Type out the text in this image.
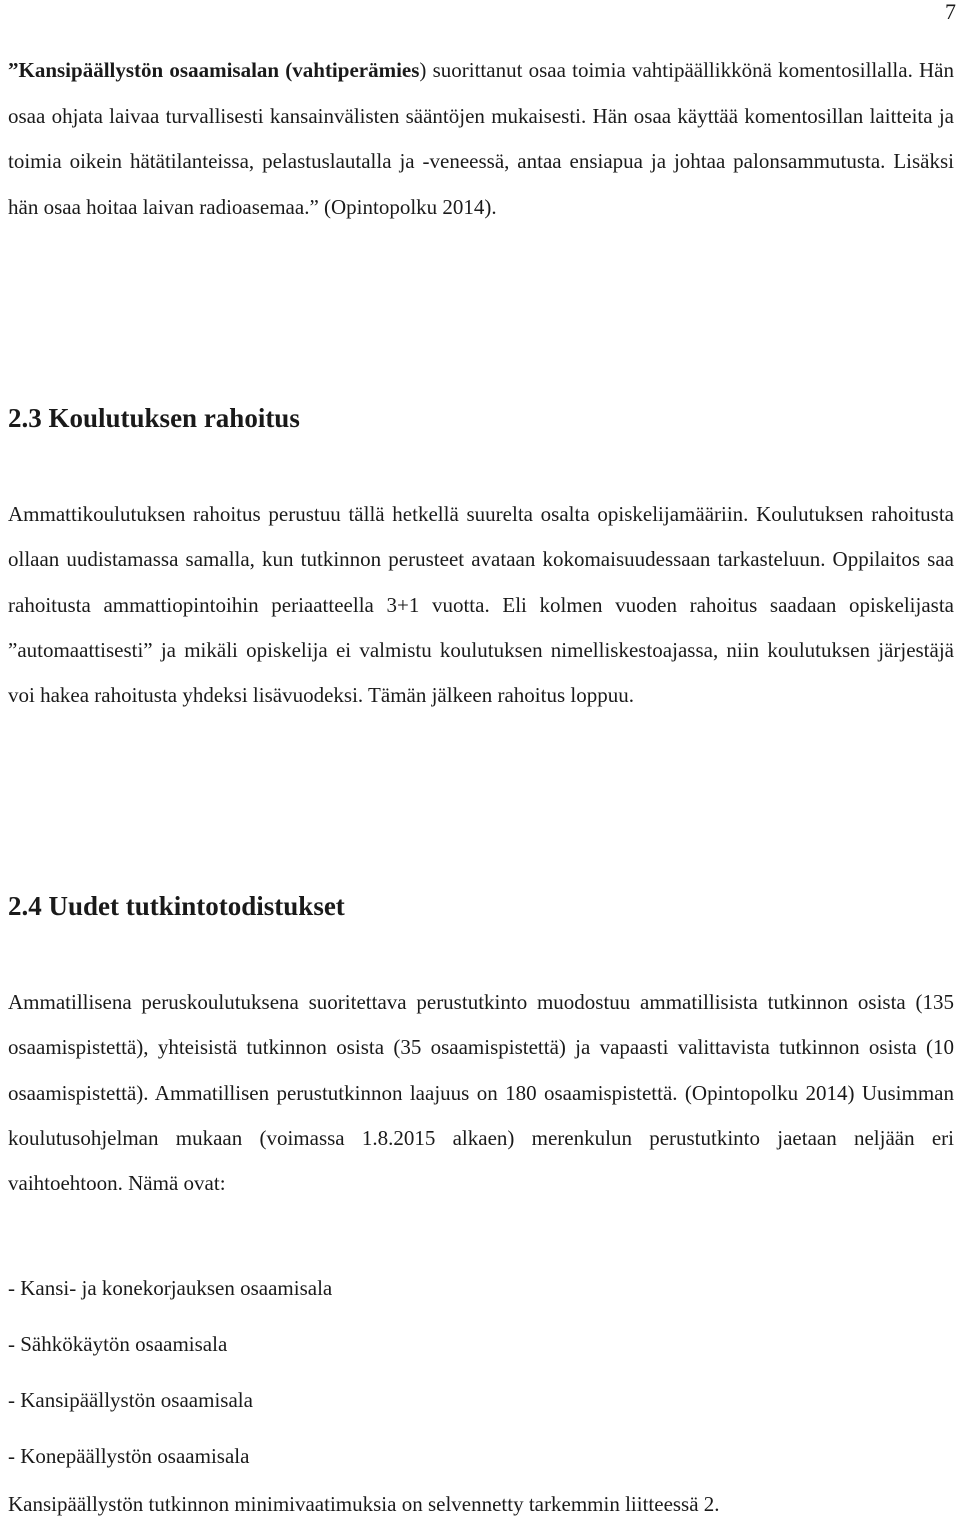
7

”Kansipäällystön osaamisalan (vahtiperämies) suorittanut osaa toimia vahtipäällikkönä komentosillalla. Hän osaa ohjata laivaa turvallisesti kansainvälisten sääntöjen mukaisesti. Hän osaa käyttää komentosillan laitteita ja toimia oikein hätätilanteissa, pelastuslautalla ja -veneessä, antaa ensiapua ja johtaa palonsammutusta. Lisäksi hän osaa hoitaa laivan radioasemaa.” (Opintopolku 2014).

2.3 Koulutuksen rahoitus

Ammattikoulutuksen rahoitus perustuu tällä hetkellä suurelta osalta opiskelijamääriin. Koulutuksen rahoitusta ollaan uudistamassa samalla, kun tutkinnon perusteet avataan kokomaisuudessaan tarkasteluun. Oppilaitos saa rahoitusta ammattiopintoihin periaatteella 3+1 vuotta. Eli kolmen vuoden rahoitus saadaan opiskelijasta ”automaattisesti” ja mikäli opiskelija ei valmistu koulutuksen nimelliskestoajassa, niin koulutuksen järjestäjä voi hakea rahoitusta yhdeksi lisävuodeksi. Tämän jälkeen rahoitus loppuu.

2.4 Uudet tutkintotodistukset

Ammatillisena peruskoulutuksena suoritettava perustutkinto muodostuu ammatillisista tutkinnon osista (135 osaamispistettä), yhteisistä tutkinnon osista (35 osaamispistettä) ja vapaasti valittavista tutkinnon osista (10 osaamispistettä). Ammatillisen perustutkinnon laajuus on 180 osaamispistettä. (Opintopolku 2014) Uusimman koulutusohjelman mukaan (voimassa 1.8.2015 alkaen) merenkulun perustutkinto jaetaan neljään eri vaihtoehtoon. Nämä ovat:

- Kansi- ja konekorjauksen osaamisala
- Sähkökäytön osaamisala
- Kansipäällystön osaamisala
- Konepäällystön osaamisala

Kansipäällystön tutkinnon minimivaatimuksia on selvennetty tarkemmin liitteessä 2.
